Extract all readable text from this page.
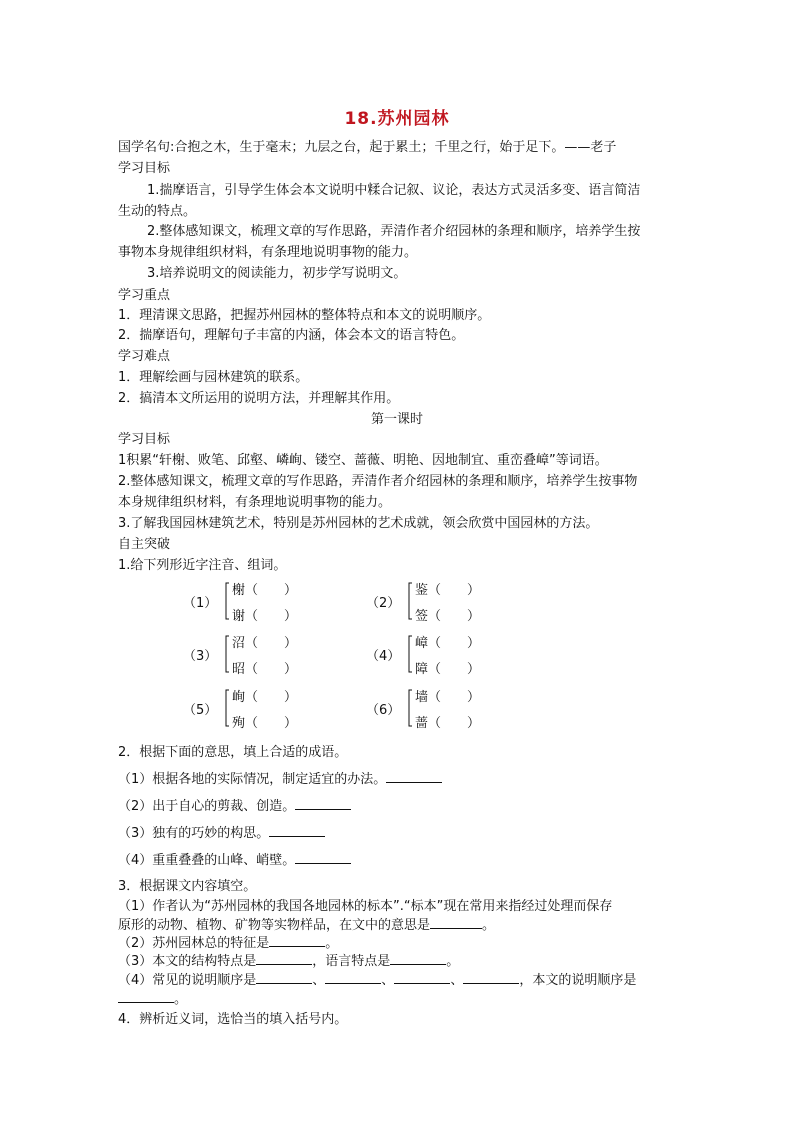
18.苏州园林
国学名句:合抱之木，生于毫末；九层之台，起于累土；千里之行，始于足下。——老子
学习目标
1.揣摩语言，引导学生体会本文说明中糅合记叙、议论，表达方式灵活多变、语言简洁
生动的特点。
2.整体感知课文，梳理文章的写作思路，弄清作者介绍园林的条理和顺序，培养学生按
事物本身规律组织材料，有条理地说明事物的能力。
3.培养说明文的阅读能力，初步学写说明文。
学习重点
1．理清课文思路，把握苏州园林的整体特点和本文的说明顺序。
2．揣摩语句，理解句子丰富的内涵，体会本文的语言特色。
学习难点
1．理解绘画与园林建筑的联系。
2．搞清本文所运用的说明方法，并理解其作用。
第一课时
学习目标
1积累“轩榭、败笔、邱壑、嶙峋、镂空、蔷薇、明艳、因地制宜、重峦叠嶂”等词语。
2.整体感知课文，梳理文章的写作思路，弄清作者介绍园林的条理和顺序，培养学生按事物
本身规律组织材料，有条理地说明事物的能力。
3.了解我国园林建筑艺术，特别是苏州园林的艺术成就，领会欣赏中国园林的方法。
自主突破
1.给下列形近字注音、组词。
（1）
榭（　　）
谢（　　）
（2）
鉴（　　）
签（　　）
（3）
沼（　　）
昭（　　）
（4）
嶂（　　）
障（　　）
（5）
峋（　　）
殉（　　）
（6）
墙（　　）
蔷（　　）
2．根据下面的意思，填上合适的成语。
（1）根据各地的实际情况，制定适宜的办法。
（2）出于自心的剪裁、创造。
（3）独有的巧妙的构思。
（4）重重叠叠的山峰、峭壁。
3．根据课文内容填空。
（1）作者认为“苏州园林的我国各地园林的标本”.“标本”现在常用来指经过处理而保存
原形的动物、植物、矿物等实物样品，在文中的意思是	。
（2）苏州园林总的特征是	。
（3）本文的结构特点是	，语言特点是	。
（4）常见的说明顺序是	、	、	、	，本文的说明顺序是
。
4．辨析近义词，选恰当的填入括号内。
